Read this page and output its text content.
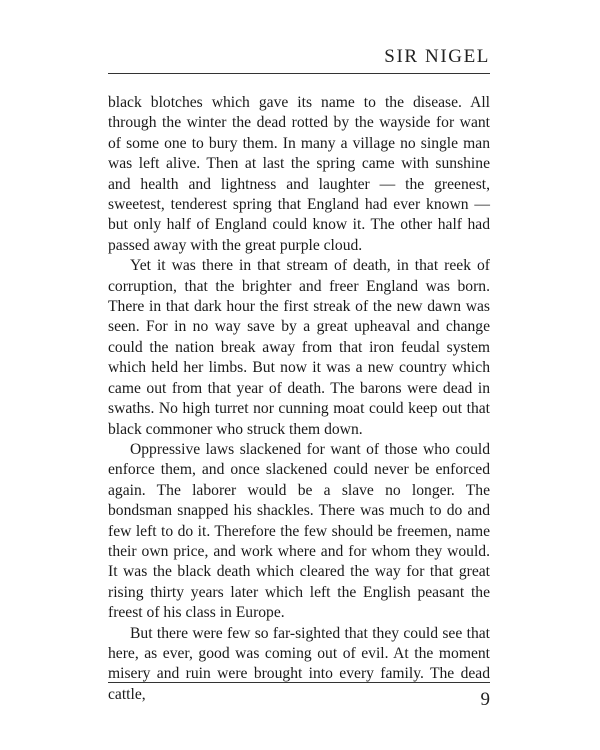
SIR NIGEL

black blotches which gave its name to the disease. All through the winter the dead rotted by the wayside for want of some one to bury them. In many a village no single man was left alive. Then at last the spring came with sunshine and health and lightness and laughter — the greenest, sweetest, tenderest spring that England had ever known — but only half of England could know it. The other half had passed away with the great purple cloud.

Yet it was there in that stream of death, in that reek of corruption, that the brighter and freer England was born. There in that dark hour the first streak of the new dawn was seen. For in no way save by a great upheaval and change could the nation break away from that iron feudal system which held her limbs. But now it was a new country which came out from that year of death. The barons were dead in swaths. No high turret nor cunning moat could keep out that black commoner who struck them down.

Oppressive laws slackened for want of those who could enforce them, and once slackened could never be enforced again. The laborer would be a slave no longer. The bondsman snapped his shackles. There was much to do and few left to do it. Therefore the few should be freemen, name their own price, and work where and for whom they would. It was the black death which cleared the way for that great rising thirty years later which left the English peasant the freest of his class in Europe.

But there were few so far-sighted that they could see that here, as ever, good was coming out of evil. At the moment misery and ruin were brought into every family. The dead cattle,	9
